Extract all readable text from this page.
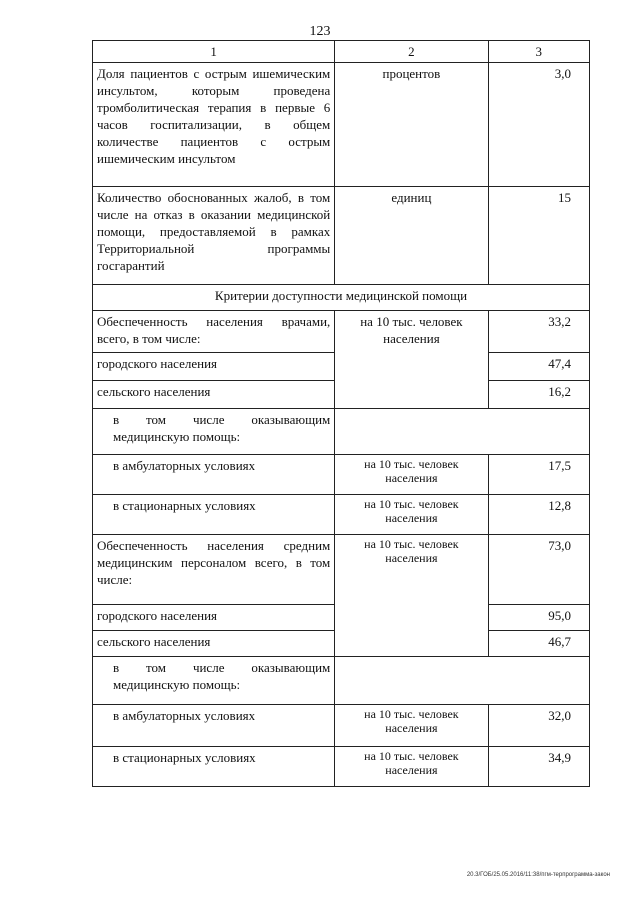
123
1	2	3
Доля пациентов с острым ишемическим инсультом, которым проведена тромболитическая терапия в первые 6 часов госпитализации, в общем количестве пациентов с острым ишемическим инсультом	процентов	3,0
Количество обоснованных жалоб, в том числе на отказ в оказании медицинской помощи, предоставляемой в рамках Территориальной программы госгарантий	единиц	15
Критерии доступности медицинской помощи		
Обеспеченность населения врачами, всего, в том числе:	на 10 тыс. человек населения	33,2
городского населения		47,4
сельского населения		16,2
в том числе оказывающим медицинскую помощь:		
в амбулаторных условиях	на 10 тыс. человек населения	17,5
в стационарных условиях	на 10 тыс. человек населения	12,8
Обеспеченность населения средним медицинским персоналом всего, в том числе:	на 10 тыс. человек населения	73,0
городского населения		95,0
сельского населения		46,7
в том числе оказывающим медицинскую помощь:		
в амбулаторных условиях	на 10 тыс. человек населения	32,0
в стационарных условиях	на 10 тыс. человек населения	34,9
20.3/ГОБ/25.05.2016/11:38/пгм-терпрограмма-закон
